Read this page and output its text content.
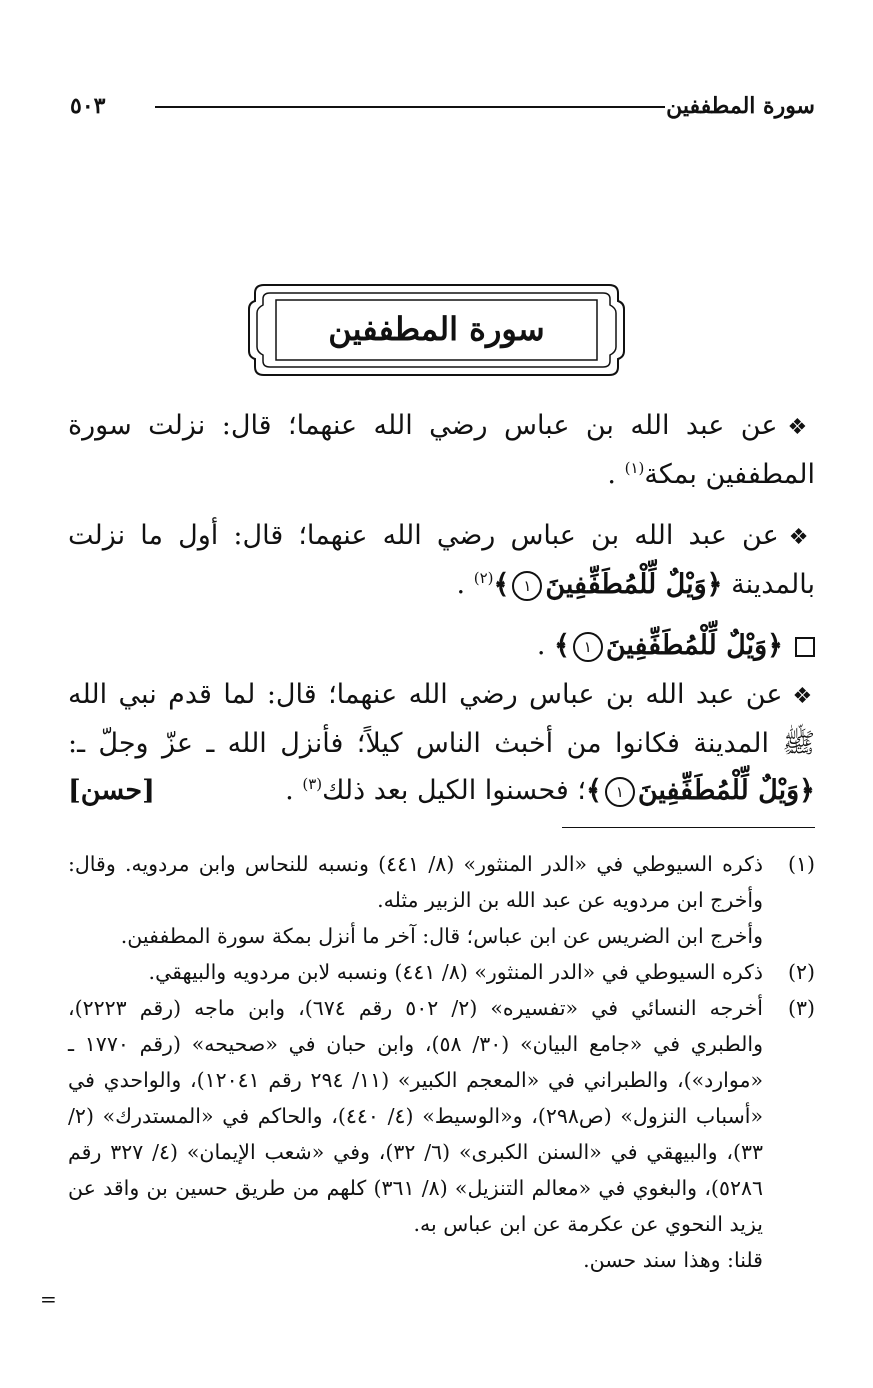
سورة المطففين
٥٠٣
سورة المطففين

❖عن عبد الله بن عباس رضي الله عنهما؛ قال: نزلت سورة المطففين بمكة$^{(١)}$ .

❖عن عبد الله بن عباس رضي الله عنهما؛ قال: أول ما نزلت بالمدينة ﴿وَيْلٌ لِّلْمُطَفِّفِينَ١﴾$^{(٢)}$ .

﴿وَيْلٌ لِّلْمُطَفِّفِينَ١﴾ .

❖عن عبد الله بن عباس رضي الله عنهما؛ قال: لما قدم نبي الله ﷺ المدينة فكانوا من أخبث الناس كيلاً؛ فأنزل الله ـ عزّ وجلّ ـ: ﴿وَيْلٌ لِّلْمُطَفِّفِينَ١﴾؛ فحسنوا الكيل بعد ذلك$^{(٣)}$ .
[حسن]

(١)
ذكره السيوطي في «الدر المنثور» (٨/ ٤٤١) ونسبه للنحاس وابن مردويه. وقال: وأخرج ابن مردويه عن عبد الله بن الزبير مثله.
وأخرج ابن الضريس عن ابن عباس؛ قال: آخر ما أنزل بمكة سورة المطففين.
(٢)
ذكره السيوطي في «الدر المنثور» (٨/ ٤٤١) ونسبه لابن مردويه والبيهقي.
(٣)
أخرجه النسائي في «تفسيره» (٢/ ٥٠٢ رقم ٦٧٤)، وابن ماجه (رقم ٢٢٢٣)، والطبري في «جامع البيان» (٣٠/ ٥٨)، وابن حبان في «صحيحه» (رقم ١٧٧٠ ـ «موارد»)، والطبراني في «المعجم الكبير» (١١/ ٢٩٤ رقم ١٢٠٤١)، والواحدي في «أسباب النزول» (ص٢٩٨)، و«الوسيط» (٤/ ٤٤٠)، والحاكم في «المستدرك» (٢/ ٣٣)، والبيهقي في «السنن الكبرى» (٦/ ٣٢)، وفي «شعب الإيمان» (٤/ ٣٢٧ رقم ٥٢٨٦)، والبغوي في «معالم التنزيل» (٨/ ٣٦١) كلهم من طريق حسين بن واقد عن يزيد النحوي عن عكرمة عن ابن عباس به.
قلنا: وهذا سند حسن.
=
